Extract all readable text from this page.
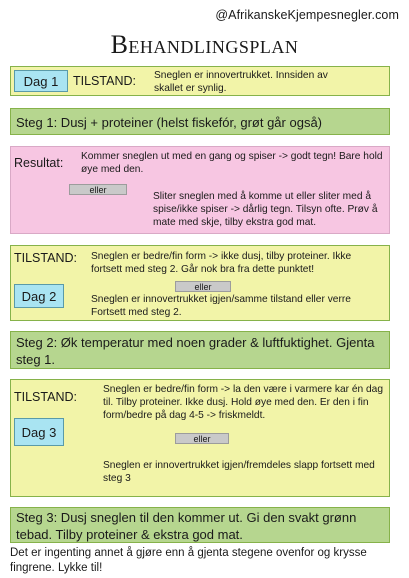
@AfrikanskeKjempesnegler.com
Behandlingsplan
Dag 1	TILSTAND: Sneglen er innovertrukket. Innsiden av skallet er synlig.
Steg 1: Dusj + proteiner (helst fiskefór, grøt går også)
Resultat: Kommer sneglen ut med en gang og spiser -> godt tegn! Bare hold øye med den.
eller
Sliter sneglen med å komme ut eller sliter med å spise/ikke spiser -> dårlig tegn. Tilsyn ofte. Prøv å mate med skje, tilby ekstra god mat.
TILSTAND: Sneglen er bedre/fin form -> ikke dusj, tilby proteiner. Ikke fortsett med steg 2. Går nok bra fra dette punktet!
Dag 2
eller
Sneglen er innovertrukket igjen/samme tilstand eller verre Fortsett med steg 2.
Steg 2: Øk temperatur med noen grader & luftfuktighet. Gjenta steg 1.
TILSTAND:
Sneglen er bedre/fin form -> la den være i varmere kar én dag til. Tilby proteiner. Ikke dusj. Hold øye med den. Er den i fin form/bedre på dag 4-5 -> friskmeldt.
Dag 3	eller
Sneglen er innovertrukket igjen/fremdeles slapp fortsett med steg 3
Steg 3: Dusj sneglen til den kommer ut. Gi den svakt grønn tebad. Tilby proteiner & ekstra god mat.
Det er ingenting annet å gjøre enn å gjenta stegene ovenfor og krysse fingrene. Lykke til!
